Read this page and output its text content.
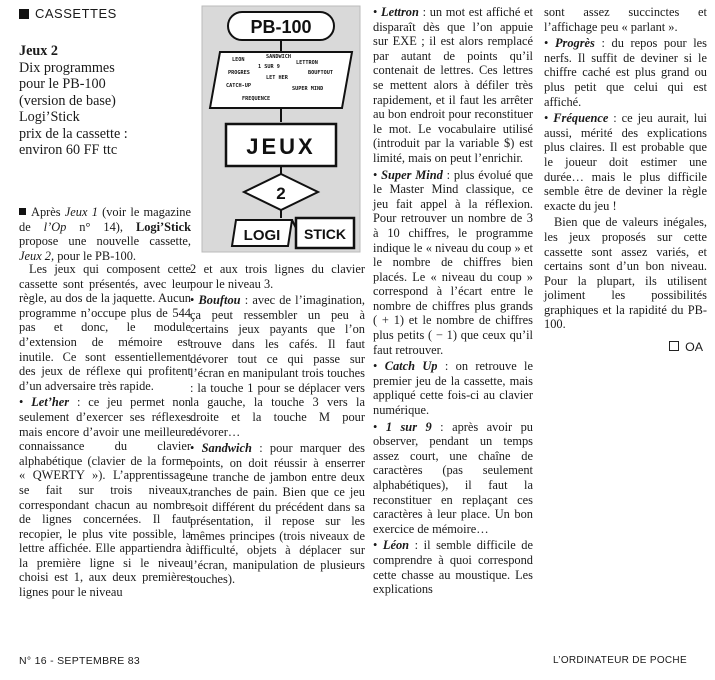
CASSETTES
Jeux 2
Dix programmes
pour le PB-100
(version de base)
Logi’Stick
prix de la cassette :
environ 60 FF ttc
PB-100
LEON	SANDWICH
LETTRON
1 SUR 9
BOUFTOUT
PROGRES
LET HER
CATCH-UP	SUPER MIND
FREQUENCE
JEUX
2
LOGI STICK

Après Jeux 1 (voir le magazine de l’Op n° 14), Logi’Stick propose une nouvelle cassette, Jeux 2, pour le PB-100.

Les jeux qui composent cette cassette sont présentés, avec leur règle, au dos de la jaquette. Aucun programme n’occupe plus de 544 pas et donc, le module d’extension de mémoire est inutile. Ce sont essentiellement des jeux de réflexe qui profitent d’un adversaire très rapide.

• Let’her : ce jeu permet non seulement d’exercer ses réflexes mais encore d’avoir une meilleure connaissance du clavier alphabétique (clavier de la forme « QWERTY »). L’apprentissage se fait sur trois niveaux, correspondant chacun au nombre de lignes concernées. Il faut recopier, le plus vite possible, la lettre affichée. Elle appartiendra à la première ligne si le niveau choisi est 1, aux deux premières lignes pour le niveau

2 et aux trois lignes du clavier pour le niveau 3.

• Bouftou : avec de l’imagination, ça peut ressembler un peu à certains jeux payants que l’on trouve dans les cafés. Il faut dévorer tout ce qui passe sur l’écran en manipulant trois touches : la touche 1 pour se déplacer vers la gauche, la touche 3 vers la droite et la touche M pour dévorer…

• Sandwich : pour marquer des points, on doit réussir à enserrer une tranche de jambon entre deux tranches de pain. Bien que ce jeu soit différent du précédent dans sa présentation, il repose sur les mêmes principes (trois niveaux de difficulté, objets à déplacer sur l’écran, manipulation de plusieurs touches).

• Lettron : un mot est affiché et disparaît dès que l’on appuie sur EXE ; il est alors remplacé par autant de points qu’il contenait de lettres. Ces lettres se mettent alors à défiler très rapidement, et il faut les arrêter au bon endroit pour reconstituer le mot. Le vocabulaire utilisé (introduit par la variable $) est limité, mais on peut l’enrichir.

• Super Mind : plus évolué que le Master Mind classique, ce jeu fait appel à la réflexion. Pour retrouver un nombre de 3 à 10 chiffres, le programme indique le « niveau du coup » et le nombre de chiffres bien placés. Le « niveau du coup » correspond à l’écart entre le nombre de chiffres plus grands ( + 1) et le nombre de chiffres plus petits ( − 1) que ceux qu’il faut retrouver.

• Catch Up : on retrouve le premier jeu de la cassette, mais appliqué cette fois-ci au clavier numérique.

• 1 sur 9 : après avoir pu observer, pendant un temps assez court, une chaîne de caractères (pas seulement alphabétiques), il faut la reconstituer en replaçant ces caractères à leur place. Un bon exercice de mémoire…

• Léon : il semble difficile de comprendre à quoi correspond cette chasse au moustique. Les explications

sont assez succinctes et l’affichage peu « parlant ».

• Progrès : du repos pour les nerfs. Il suffit de deviner si le chiffre caché est plus grand ou plus petit que celui qui est affiché.

• Fréquence : ce jeu aurait, lui aussi, mérité des explications plus claires. Il est probable que le joueur doit estimer une durée… mais le plus difficile semble être de deviner la règle exacte du jeu !

Bien que de valeurs inégales, les jeux proposés sur cette cassette sont assez variés, et certains sont d’un bon niveau. Pour la plupart, ils utilisent joliment les possibilités graphiques et la rapidité du PB-100.

OA

N° 16 - SEPTEMBRE 83	L’ORDINATEUR DE POCHE
